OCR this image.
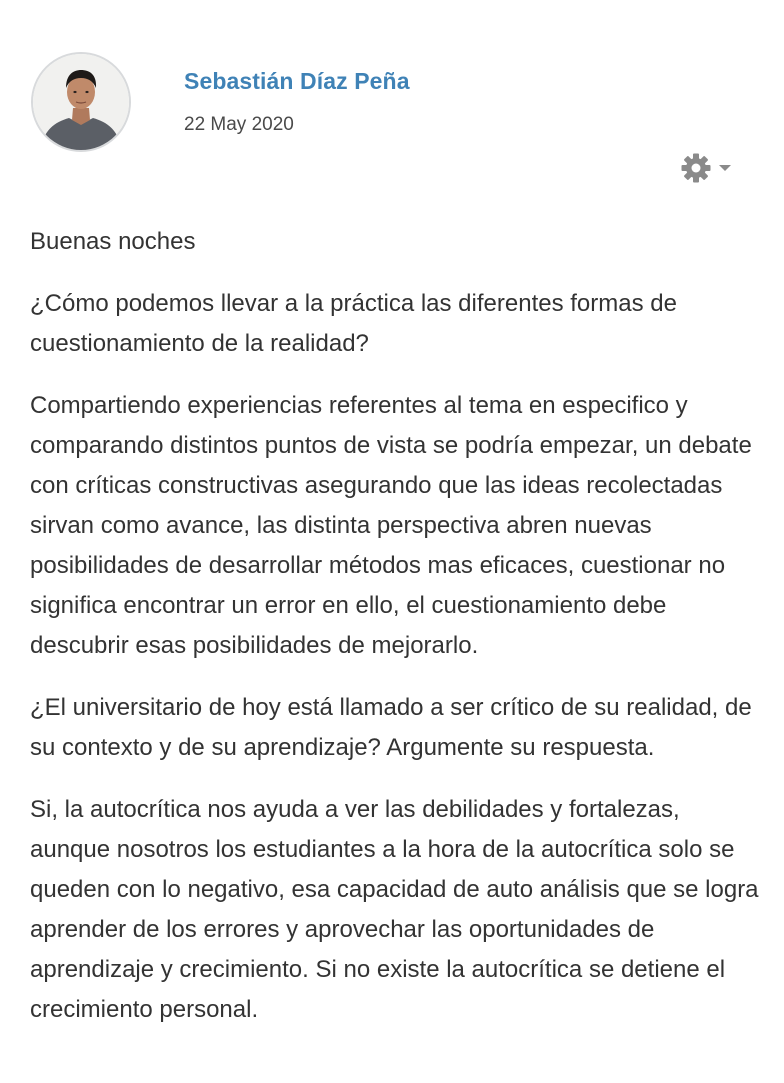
Sebastián Díaz Peña
22 May 2020

Buenas noches

¿Cómo podemos llevar a la práctica las diferentes formas de cuestionamiento de la realidad?

Compartiendo experiencias referentes al tema en especifico y comparando distintos puntos de vista se podría empezar, un debate con críticas constructivas asegurando que las ideas recolectadas sirvan como avance, las distinta perspectiva abren nuevas posibilidades de desarrollar métodos mas eficaces, cuestionar no significa encontrar un error en ello, el cuestionamiento debe descubrir esas posibilidades de mejorarlo.

¿El universitario de hoy está llamado a ser crítico de su realidad, de su contexto y de su aprendizaje? Argumente su respuesta.

Si, la autocrítica nos ayuda a ver las debilidades y fortalezas, aunque nosotros los estudiantes a la hora de la autocrítica solo se queden con lo negativo, esa capacidad de auto análisis que se logra aprender de los errores y aprovechar las oportunidades de aprendizaje y crecimiento. Si no existe la autocrítica se detiene el crecimiento personal.
